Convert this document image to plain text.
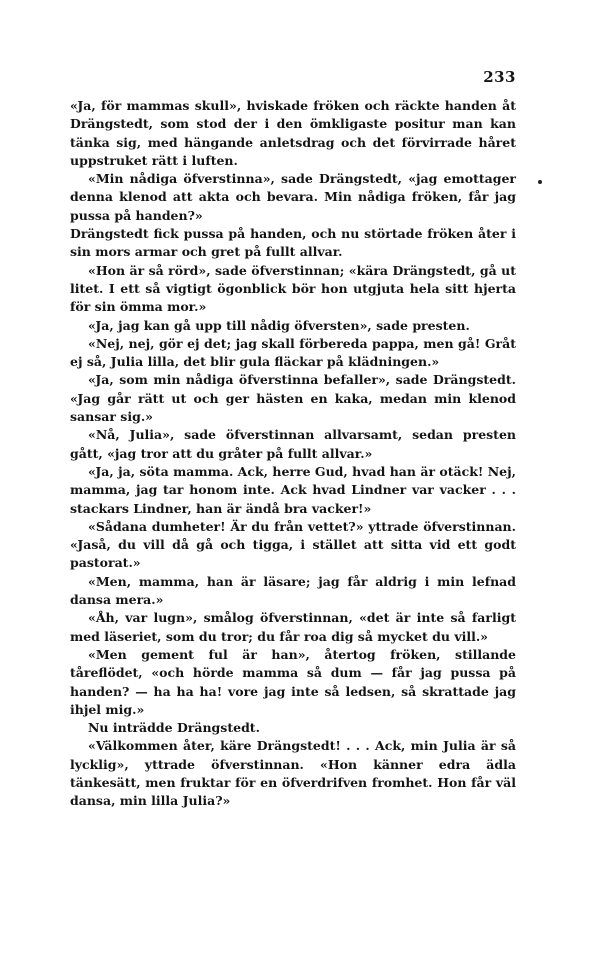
233

«Ja, för mammas skull», hviskade fröken och räckte handen åt Drängstedt, som stod der i den ömkligaste positur man kan tänka sig, med hängande anletsdrag och det förvirrade håret uppstruket rätt i luften.

«Min nådiga öfverstinna», sade Drängstedt, «jag emottager denna klenod att akta och bevara. Min nådiga fröken, får jag pussa på handen?»

Drängstedt fick pussa på handen, och nu störtade fröken åter i sin mors armar och gret på fullt allvar.

«Hon är så rörd», sade öfverstinnan; «kära Drängstedt, gå ut litet. I ett så vigtigt ögonblick bör hon utgjuta hela sitt hjerta för sin ömma mor.»

«Ja, jag kan gå upp till nådig öfversten», sade presten.

«Nej, nej, gör ej det; jag skall förbereda pappa, men gå! Gråt ej så, Julia lilla, det blir gula fläckar på klädningen.»

«Ja, som min nådiga öfverstinna befaller», sade Drängstedt. «Jag går rätt ut och ger hästen en kaka, medan min klenod sansar sig.»

«Nå, Julia», sade öfverstinnan allvarsamt, sedan presten gått, «jag tror att du gråter på fullt allvar.»

«Ja, ja, söta mamma. Ack, herre Gud, hvad han är otäck! Nej, mamma, jag tar honom inte. Ack hvad Lindner var vacker . . . stackars Lindner, han är ändå bra vacker!»

«Sådana dumheter! Är du från vettet?» yttrade öfverstinnan. «Jaså, du vill då gå och tigga, i stället att sitta vid ett godt pastorat.»

«Men, mamma, han är läsare; jag får aldrig i min lefnad dansa mera.»

«Åh, var lugn», smålog öfverstinnan, «det är inte så farligt med läseriet, som du tror; du får roa dig så mycket du vill.»

«Men gement ful är han», återtog fröken, stillande tåreflödet, «och hörde mamma så dum — får jag pussa på handen? — ha ha ha! vore jag inte så ledsen, så skrattade jag ihjel mig.»

Nu inträdde Drängstedt.

«Välkommen åter, käre Drängstedt! . . . Ack, min Julia är så lycklig», yttrade öfverstinnan. «Hon känner edra ädla tänkesätt, men fruktar för en öfverdrifven fromhet. Hon får väl dansa, min lilla Julia?»
